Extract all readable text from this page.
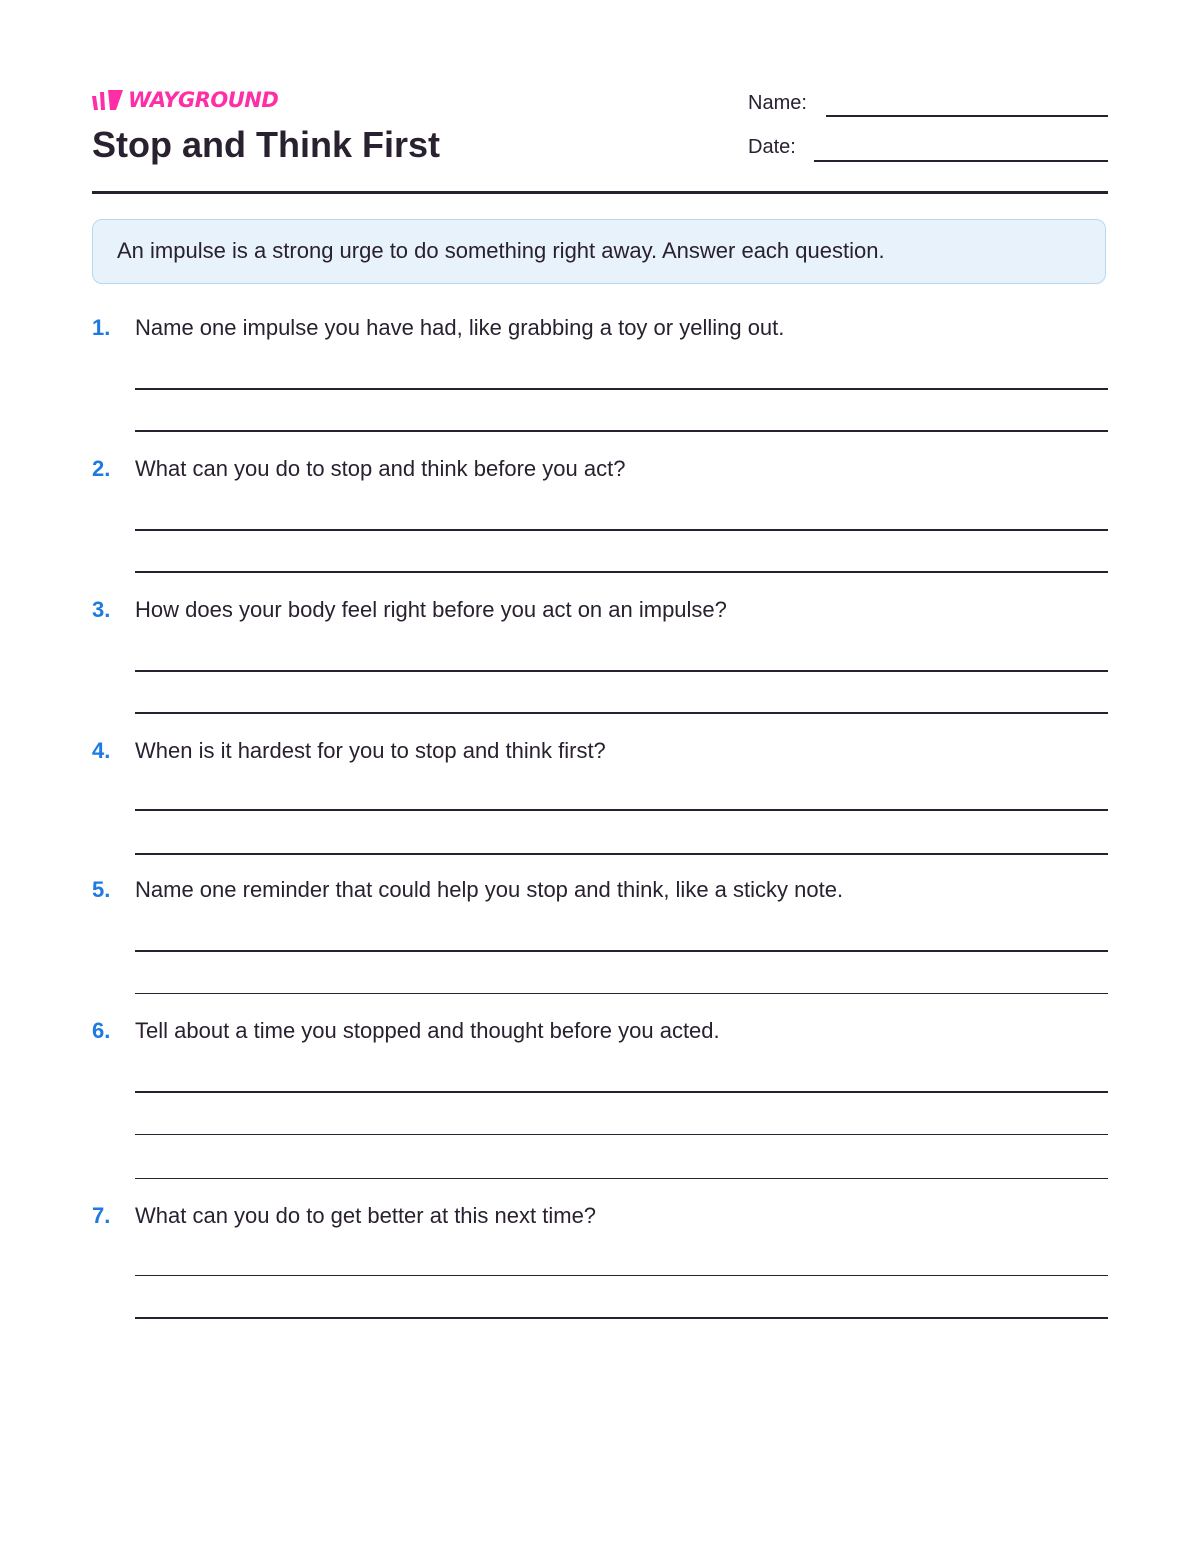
WAYGROUND
Stop and Think First
Name:
Date:
An impulse is a strong urge to do something right away. Answer each question.
1. Name one impulse you have had, like grabbing a toy or yelling out.
2. What can you do to stop and think before you act?
3. How does your body feel right before you act on an impulse?
4. When is it hardest for you to stop and think first?
5. Name one reminder that could help you stop and think, like a sticky note.
6. Tell about a time you stopped and thought before you acted.
7. What can you do to get better at this next time?
